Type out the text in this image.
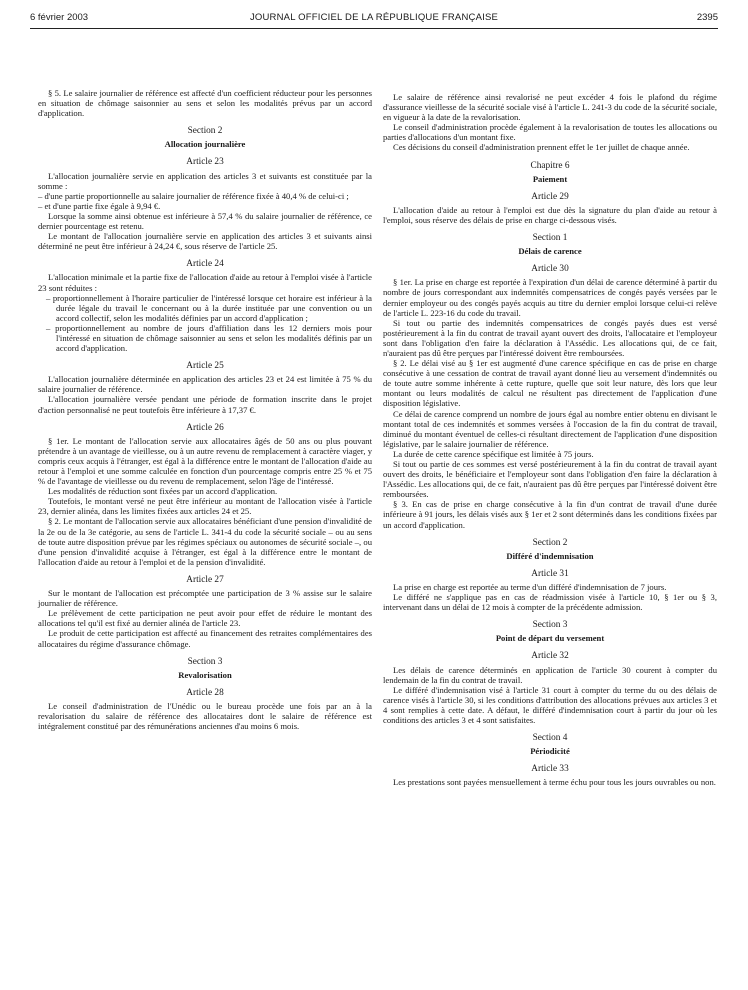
6 février 2003	JOURNAL OFFICIEL DE LA RÉPUBLIQUE FRANÇAISE	2395

§ 5. Le salaire journalier de référence est affecté d'un coefficient réducteur pour les personnes en situation de chômage saisonnier au sens et selon les modalités prévus par un accord d'application.

Section 2
Allocation journalière
Article 23

L'allocation journalière servie en application des articles 3 et suivants est constituée par la somme :

– d'une partie proportionnelle au salaire journalier de référence fixée à 40,4 % de celui-ci ;

– et d'une partie fixe égale à 9,94 €.

Lorsque la somme ainsi obtenue est inférieure à 57,4 % du salaire journalier de référence, ce dernier pourcentage est retenu.

Le montant de l'allocation journalière servie en application des articles 3 et suivants ainsi déterminé ne peut être inférieur à 24,24 €, sous réserve de l'article 25.

Article 24

L'allocation minimale et la partie fixe de l'allocation d'aide au retour à l'emploi visée à l'article 23 sont réduites :

– proportionnellement à l'horaire particulier de l'intéressé lorsque cet horaire est inférieur à la durée légale du travail le concernant ou à la durée instituée par une convention ou un accord collectif, selon les modalités définies par un accord d'application ;

– proportionnellement au nombre de jours d'affiliation dans les 12 derniers mois pour l'intéressé en situation de chômage saisonnier au sens et selon les modalités définis par un accord d'application.

Article 25

L'allocation journalière déterminée en application des articles 23 et 24 est limitée à 75 % du salaire journalier de référence.

L'allocation journalière versée pendant une période de formation inscrite dans le projet d'action personnalisé ne peut toutefois être inférieure à 17,37 €.

Article 26

§ 1er. Le montant de l'allocation servie aux allocataires âgés de 50 ans ou plus pouvant prétendre à un avantage de vieillesse, ou à un autre revenu de remplacement à caractère viager, y compris ceux acquis à l'étranger, est égal à la différence entre le montant de l'allocation d'aide au retour à l'emploi et une somme calculée en fonction d'un pourcentage compris entre 25 % et 75 % de l'avantage de vieillesse ou du revenu de remplacement, selon l'âge de l'intéressé.

Les modalités de réduction sont fixées par un accord d'application.

Toutefois, le montant versé ne peut être inférieur au montant de l'allocation visée à l'article 23, dernier alinéa, dans les limites fixées aux articles 24 et 25.

§ 2. Le montant de l'allocation servie aux allocataires bénéficiant d'une pension d'invalidité de la 2e ou de la 3e catégorie, au sens de l'article L. 341-4 du code la sécurité sociale – ou au sens de toute autre disposition prévue par les régimes spéciaux ou autonomes de sécurité sociale –, ou d'une pension d'invalidité acquise à l'étranger, est égal à la différence entre le montant de l'allocation d'aide au retour à l'emploi et de la pension d'invalidité.

Article 27

Sur le montant de l'allocation est précomptée une participation de 3 % assise sur le salaire journalier de référence.

Le prélèvement de cette participation ne peut avoir pour effet de réduire le montant des allocations tel qu'il est fixé au dernier alinéa de l'article 23.

Le produit de cette participation est affecté au financement des retraites complémentaires des allocataires du régime d'assurance chômage.

Section 3
Revalorisation
Article 28

Le conseil d'administration de l'Unédic ou le bureau procède une fois par an à la revalorisation du salaire de référence des allocataires dont le salaire de référence est intégralement constitué par des rémunérations anciennes d'au moins 6 mois.

Le salaire de référence ainsi revalorisé ne peut excéder 4 fois le plafond du régime d'assurance vieillesse de la sécurité sociale visé à l'article L. 241-3 du code de la sécurité sociale, en vigueur à la date de la revalorisation.

Le conseil d'administration procède également à la revalorisation de toutes les allocations ou parties d'allocations d'un montant fixe.

Ces décisions du conseil d'administration prennent effet le 1er juillet de chaque année.

Chapitre 6
Paiement
Article 29

L'allocation d'aide au retour à l'emploi est due dès la signature du plan d'aide au retour à l'emploi, sous réserve des délais de prise en charge ci-dessous visés.

Section 1
Délais de carence
Article 30

§ 1er. La prise en charge est reportée à l'expiration d'un délai de carence déterminé à partir du nombre de jours correspondant aux indemnités compensatrices de congés payés versées par le dernier employeur ou des congés payés acquis au titre du dernier emploi lorsque celui-ci relève de l'article L. 223-16 du code du travail.

Si tout ou partie des indemnités compensatrices de congés payés dues est versé postérieurement à la fin du contrat de travail ayant ouvert des droits, l'allocataire et l'employeur sont dans l'obligation d'en faire la déclaration à l'Assédic. Les allocations qui, de ce fait, n'auraient pas dû être perçues par l'intéressé doivent être remboursées.

§ 2. Le délai visé au § 1er est augmenté d'une carence spécifique en cas de prise en charge consécutive à une cessation de contrat de travail ayant donné lieu au versement d'indemnités ou de toute autre somme inhérente à cette rupture, quelle que soit leur nature, dès lors que leur montant ou leurs modalités de calcul ne résultent pas directement de l'application d'une disposition législative.

Ce délai de carence comprend un nombre de jours égal au nombre entier obtenu en divisant le montant total de ces indemnités et sommes versées à l'occasion de la fin du contrat de travail, diminué du montant éventuel de celles-ci résultant directement de l'application d'une disposition législative, par le salaire journalier de référence.

La durée de cette carence spécifique est limitée à 75 jours.

Si tout ou partie de ces sommes est versé postérieurement à la fin du contrat de travail ayant ouvert des droits, le bénéficiaire et l'employeur sont dans l'obligation d'en faire la déclaration à l'Assédic. Les allocations qui, de ce fait, n'auraient pas dû être perçues par l'intéressé doivent être remboursées.

§ 3. En cas de prise en charge consécutive à la fin d'un contrat de travail d'une durée inférieure à 91 jours, les délais visés aux § 1er et 2 sont déterminés dans les conditions fixées par un accord d'application.

Section 2
Différé d'indemnisation
Article 31

La prise en charge est reportée au terme d'un différé d'indemnisation de 7 jours.

Le différé ne s'applique pas en cas de réadmission visée à l'article 10, § 1er ou § 3, intervenant dans un délai de 12 mois à compter de la précédente admission.

Section 3
Point de départ du versement
Article 32

Les délais de carence déterminés en application de l'article 30 courent à compter du lendemain de la fin du contrat de travail.

Le différé d'indemnisation visé à l'article 31 court à compter du terme du ou des délais de carence visés à l'article 30, si les conditions d'attribution des allocations prévues aux articles 3 et 4 sont remplies à cette date. A défaut, le différé d'indemnisation court à partir du jour où les conditions des articles 3 et 4 sont satisfaites.

Section 4
Périodicité
Article 33

Les prestations sont payées mensuellement à terme échu pour tous les jours ouvrables ou non.
